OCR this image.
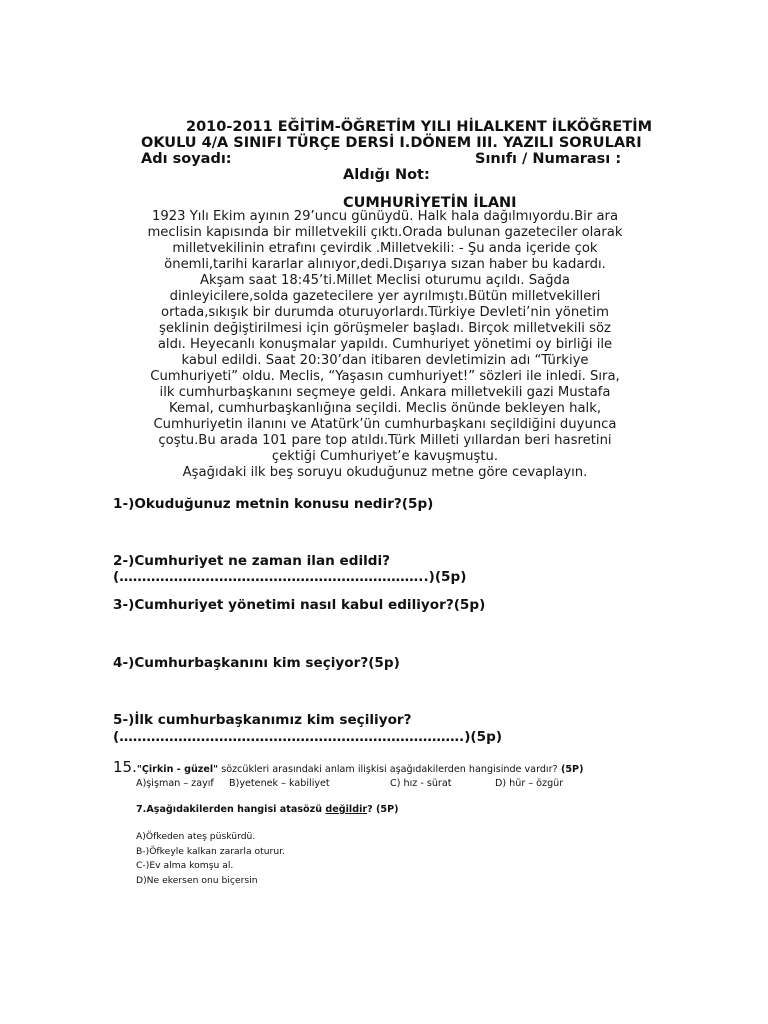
2010-2011 EĞİTİM-ÖĞRETİM YILI HİLALKENT İLKÖĞRETİM
OKULU 4/A SINIFI TÜRÇE DERSİ I.DÖNEM III. YAZILI SORULARI
Adı soyadı:	Sınıfı / Numarası :
Aldığı Not:
CUMHURİYETİN İLANI
1923 Yılı Ekim ayının 29’uncu günüydü. Halk hala dağılmıyordu.Bir ara
meclisin kapısında bir milletvekili çıktı.Orada bulunan gazeteciler olarak
milletvekilinin etrafını çevirdik .Milletvekili: - Şu anda içeride çok
önemli,tarihi kararlar alınıyor,dedi.Dışarıya sızan haber bu kadardı.
Akşam saat 18:45’ti.Millet Meclisi oturumu açıldı. Sağda
dinleyicilere,solda gazetecilere yer ayrılmıştı.Bütün milletvekilleri
ortada,sıkışık bir durumda oturuyorlardı.Türkiye Devleti’nin yönetim
şeklinin değiştirilmesi için görüşmeler başladı. Birçok milletvekili söz
aldı. Heyecanlı konuşmalar yapıldı. Cumhuriyet yönetimi oy birliği ile
kabul edildi. Saat 20:30’dan itibaren devletimizin adı “Türkiye
Cumhuriyeti” oldu. Meclis, “Yaşasın cumhuriyet!” sözleri ile inledi. Sıra,
ilk cumhurbaşkanını seçmeye geldi. Ankara milletvekili gazi Mustafa
Kemal, cumhurbaşkanlığına seçildi. Meclis önünde bekleyen halk,
Cumhuriyetin ilanını ve Atatürk’ün cumhurbaşkanı seçildiğini duyunca
çoştu.Bu arada 101 pare top atıldı.Türk Milleti yıllardan beri hasretini
çektiği Cumhuriyet’e kavuşmuştu.
Aşağıdaki ilk beş soruyu okuduğunuz metne göre cevaplayın.
1-)Okuduğunuz metnin konusu nedir?(5p)
2-)Cumhuriyet ne zaman ilan edildi?
(…………………………………………………………..)(5p)
3-)Cumhuriyet yönetimi nasıl kabul ediliyor?(5p)
4-)Cumhurbaşkanını kim seçiyor?(5p)
5-)İlk cumhurbaşkanımız kim seçiliyor?
(………………………………………………………………….)(5p)
15."Çirkin - güzel" sözcükleri arasındaki anlam ilişkisi aşağıdakilerden hangisinde vardır? (5P)
A)şişman – zayıf B)yetenek – kabiliyet	C) hız - sürat	D) hür – özgür
7.Aşağıdakilerden hangisi atasözü değildir? (5P)
A)Öfkeden ateş püskürdü.
B-)Öfkeyle kalkan zararla oturur.
C-)Ev alma komşu al.
D)Ne ekersen onu biçersin
